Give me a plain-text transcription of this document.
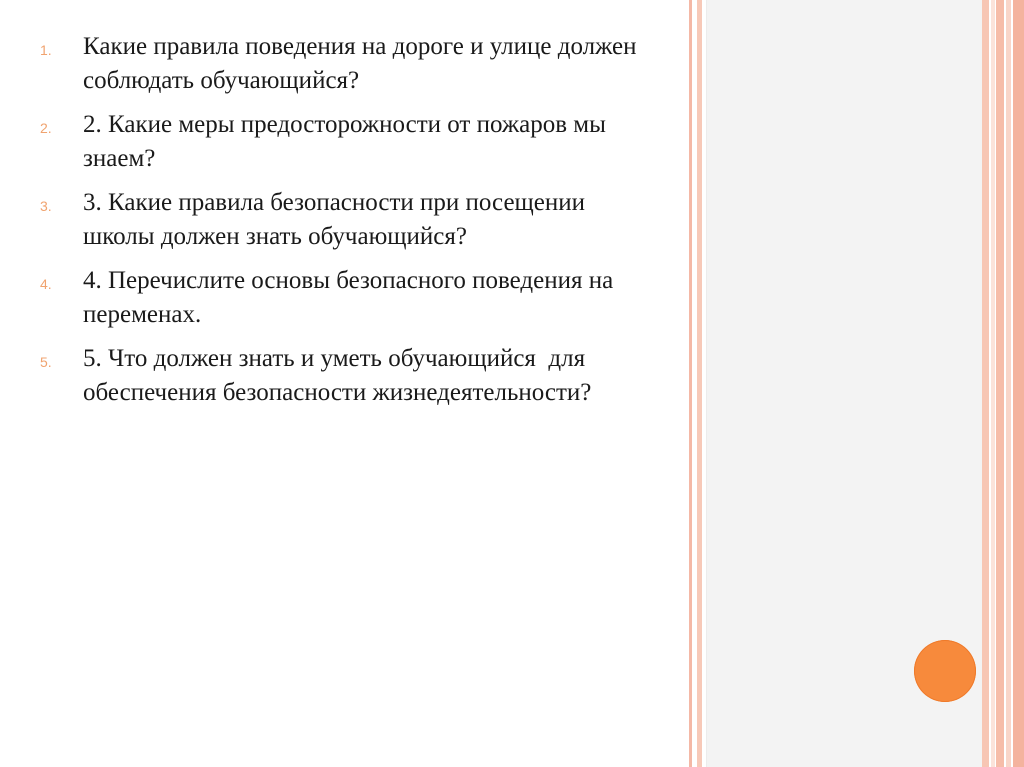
1. Какие правила поведения на дороге и улице должен соблюдать обучающийся?
2. 2. Какие меры предосторожности от пожаров мы знаем?
3. 3. Какие правила безопасности при посещении школы должен знать обучающийся?
4. 4. Перечислите основы безопасного поведения на переменах.
5. 5. Что должен знать и уметь обучающийся  для обеспечения безопасности жизнедеятельности?
